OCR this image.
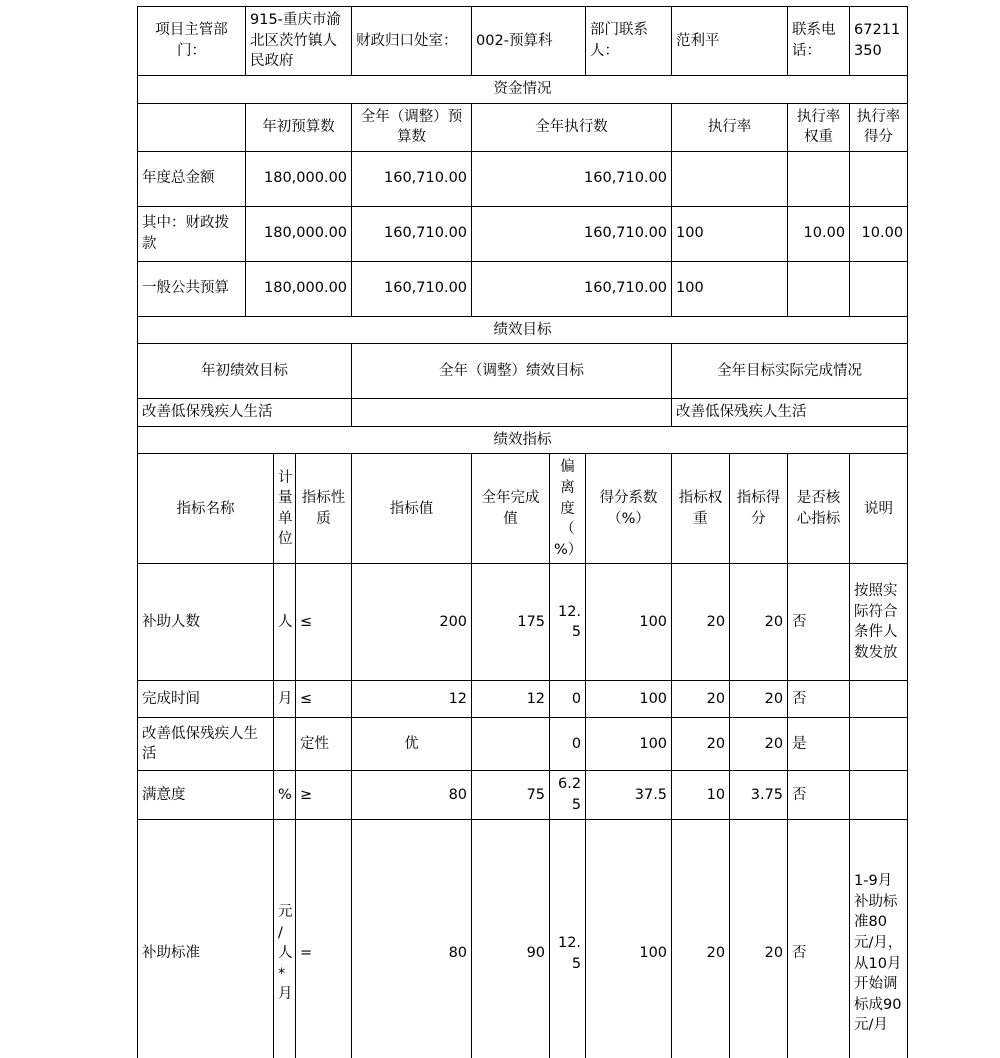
项目主管部门：	915-重庆市渝北区茨竹镇人民政府			财政归口处室：	002-预算科		部门联系人：	范利平		联系电话：	67211350
资金情况											
	年初预算数			全年（调整）预算数	全年执行数			执行率		执行率权重	执行率得分
年度总金额	180,000.00			160,710.00	160,710.00						
其中：财政拨款	180,000.00			160,710.00	160,710.00			100		10.00	10.00
一般公共预算	180,000.00			160,710.00	160,710.00			100			
绩效目标											
年初绩效目标				全年（调整）绩效目标				全年目标实际完成情况			
改善低保残疾人生活								改善低保残疾人生活			
绩效指标											
指标名称		计量单位	指标性质	指标值	全年完成值	偏离度（%）	得分系数（%）	指标权重	指标得分	是否核心指标	说明
补助人数		人	≤	200	175	12.5	100	20	20	否	按照实际符合条件人数发放
完成时间		月	≤	12	12	0	100	20	20	否	
改善低保残疾人生活			定性	优		0	100	20	20	是	
满意度		%	≥	80	75	6.25	37.5	10	3.75	否	
补助标准		元/人*月	=	80	90	12.5	100	20	20	否	1-9月补助标准80元/月，从10月开始调标成90元/月
